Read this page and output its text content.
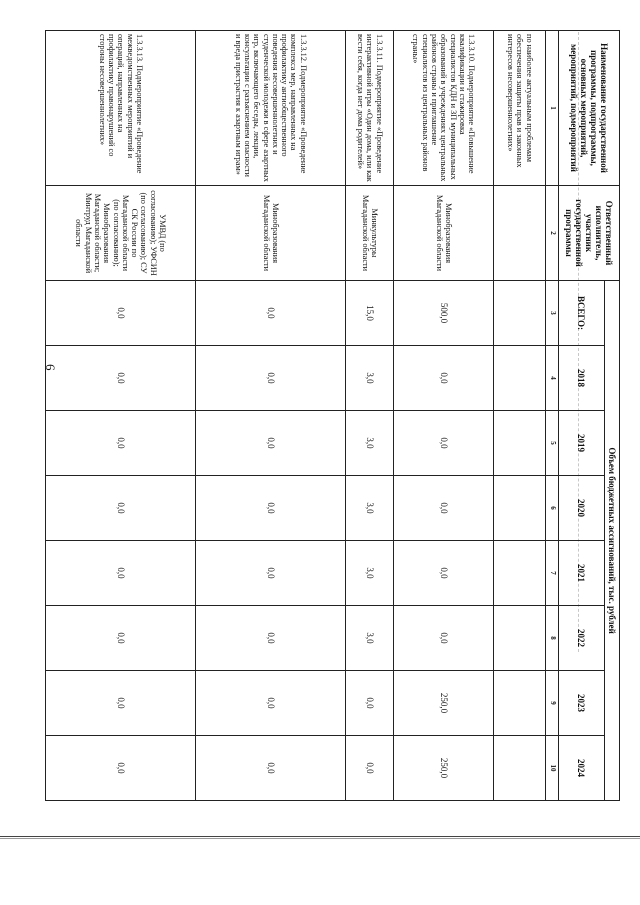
6
Наименование государственной программы, подпрограммы, основных мероприятий, мероприятий, подмероприятий	Ответственный исполнитель, участник государственной программы	Объем бюджетных ассигнований, тыс. рублей							
		ВСЕГО:	2018	2019	2020	2021	2022	2023	2024
1	2	3	4	5	6	7	8	9	10
по наиболее актуальным проблемам обеспечения защиты прав и законных интересов несовершеннолетних»									
1.3.3.10. Подмероприятие «Повышение квалификации и стажировка специалистов КДН и ЗП муниципальных образований в учреждениях центральных районов страны и приглашение специалистов из центральных районов страны»	Минобразования Магаданской области	500,0	0,0	0,0	0,0	0,0	0,0	250,0	250,0
1.3.3.11. Подмероприятие «Проведение интерактивной игры «Один дома, или как вести себя, когда нет дома родителей»	Минкультуры Магаданской области	15,0	3,0	3,0	3,0	3,0	3,0	0,0	0,0
1.3.3.12. Подмероприятие «Проведение комплекса мер, направленных на профилактику антиобщественного поведения несовершеннолетних и студенческой молодежи в сфере азартных игр, включающего беседы, лекции, консультации с разъяснением опасности и вреда пристрастия к азартным играм»	Минобразования Магаданской области	0,0	0,0	0,0	0,0	0,0	0,0	0,0	0,0
1.3.3.13. Подмероприятие «Проведение межведомственных мероприятий и операций, направленных на профилактику правонарушений со стороны несовершеннолетних»	УМВД (по согласованию); УФСИН (по согласованию); СУ СК России по Магаданской области (по согласованию); Минобразования Магаданской области; Минтруд Магаданской области	0,0	0,0	0,0	0,0	0,0	0,0	0,0	0,0
